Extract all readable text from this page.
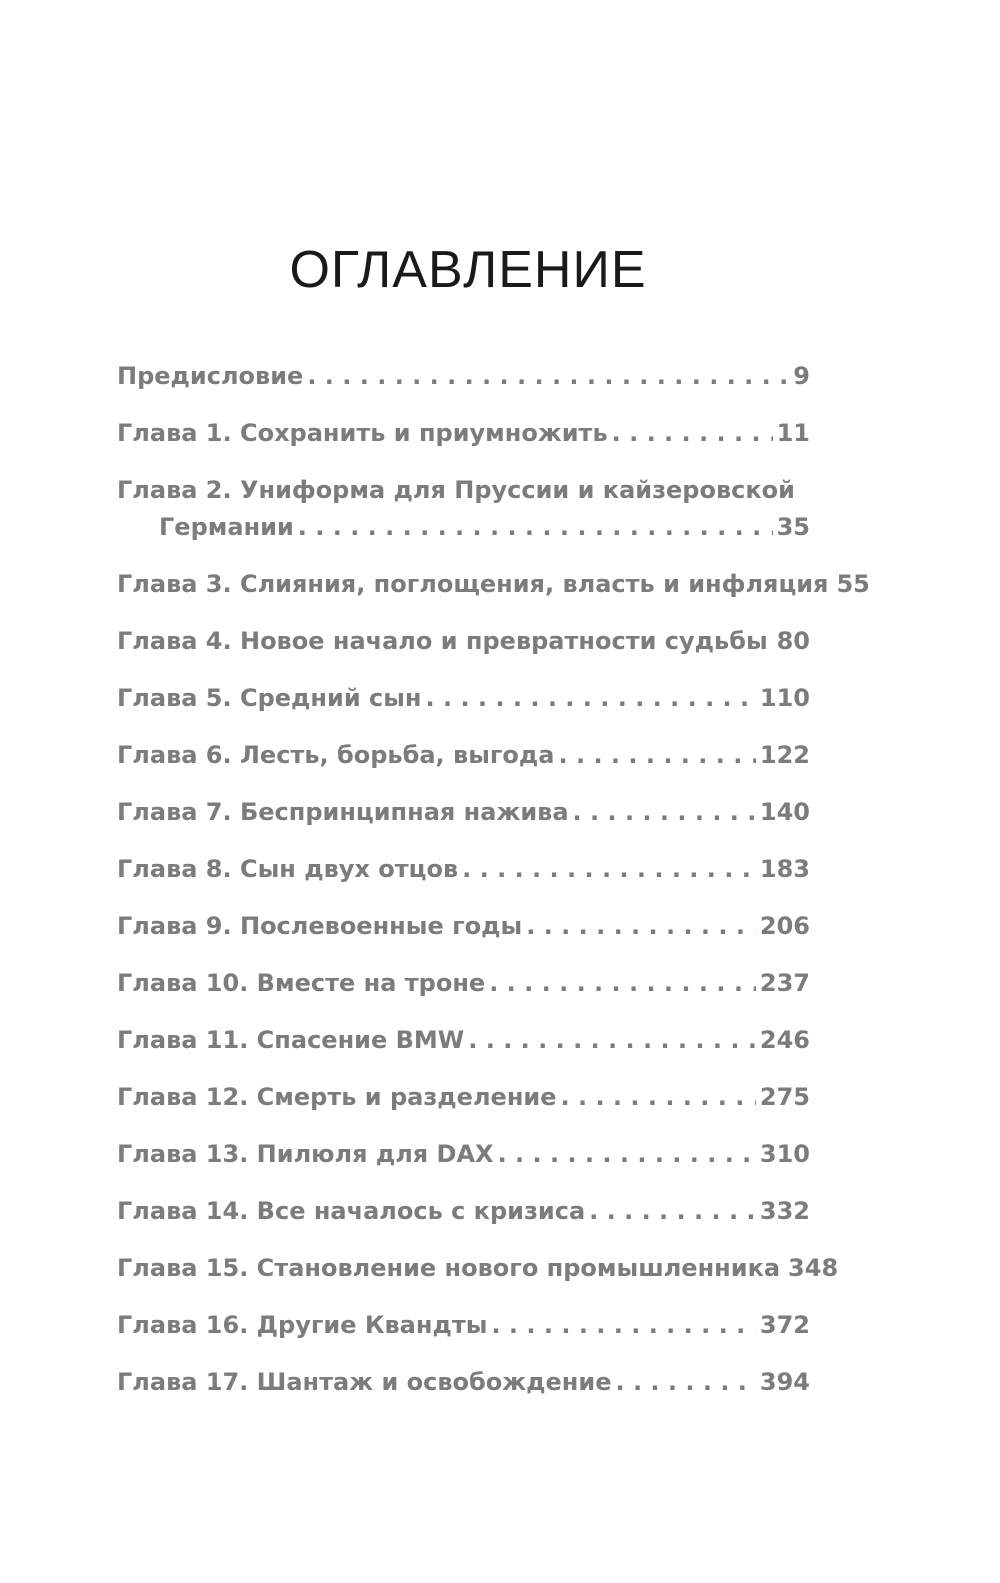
ОГЛАВЛЕНИЕ
Предисловие . . .	9
Глава 1. Сохранить и приумножить . . .	11
Глава 2. Униформа для Пруссии и кайзеровской
Германии . . .	35
Глава 3. Слияния, поглощения, власть и инфляция 55
Глава 4. Новое начало и превратности судьбы . . . 80
Глава 5. Средний сын . . .	110
Глава 6. Лесть, борьба, выгода . . .	122
Глава 7. Беспринципная нажива . . .	140
Глава 8. Сын двух отцов . . .	183
Глава 9. Послевоенные годы . . .	206
Глава 10. Вместе на троне . . .	237
Глава 11. Спасение BMW . . .	246
Глава 12. Смерть и разделение . . .	275
Глава 13. Пилюля для DAX . . .	310
Глава 14. Все началось с кризиса . . .	332
Глава 15. Становление нового промышленника 348
Глава 16. Другие Квандты . . .	372
Глава 17. Шантаж и освобождение . . .	394
